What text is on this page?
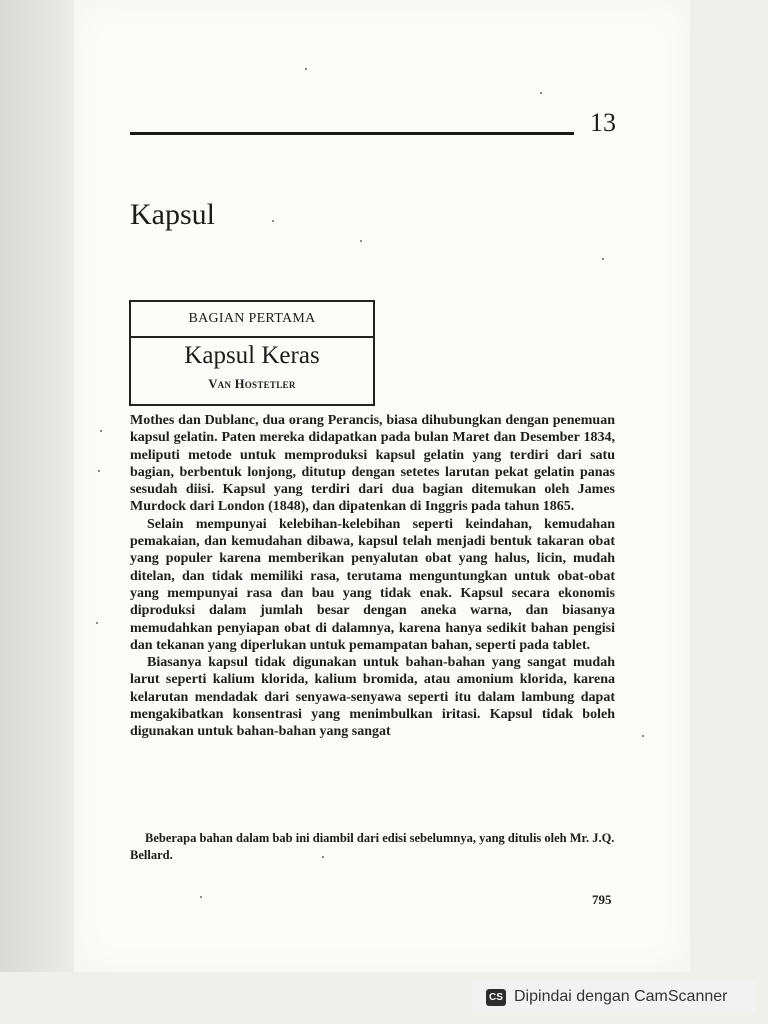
13
Kapsul
BAGIAN PERTAMA
Kapsul Keras
Van Hostetler

Mothes dan Dublanc, dua orang Perancis, biasa dihubungkan dengan penemuan kapsul gelatin. Paten mereka didapatkan pada bulan Maret dan Desember 1834, meliputi metode untuk memproduksi kapsul gelatin yang terdiri dari satu bagian, berbentuk lonjong, ditutup dengan setetes larutan pekat gelatin panas sesudah diisi. Kapsul yang terdiri dari dua bagian ditemukan oleh James Murdock dari London (1848), dan dipatenkan di Inggris pada tahun 1865.

Selain mempunyai kelebihan-kelebihan seperti keindahan, kemudahan pemakaian, dan kemudahan dibawa, kapsul telah menjadi bentuk takaran obat yang populer karena memberikan penyalutan obat yang halus, licin, mudah ditelan, dan tidak memiliki rasa, terutama menguntungkan untuk obat-obat yang mempunyai rasa dan bau yang tidak enak. Kapsul secara ekonomis diproduksi dalam jumlah besar dengan aneka warna, dan biasanya memudahkan penyiapan obat di dalamnya, karena hanya sedikit bahan pengisi dan tekanan yang diperlukan untuk pemampatan bahan, seperti pada tablet.

Biasanya kapsul tidak digunakan untuk bahan-bahan yang sangat mudah larut seperti kalium klorida, kalium bromida, atau amonium klorida, karena kelarutan mendadak dari senyawa-senyawa seperti itu dalam lambung dapat mengakibatkan konsentrasi yang menimbulkan iritasi. Kapsul tidak boleh digunakan untuk bahan-bahan yang sangat

Beberapa bahan dalam bab ini diambil dari edisi sebelumnya, yang ditulis oleh Mr. J.Q. Bellard.
795
CS Dipindai dengan CamScanner
